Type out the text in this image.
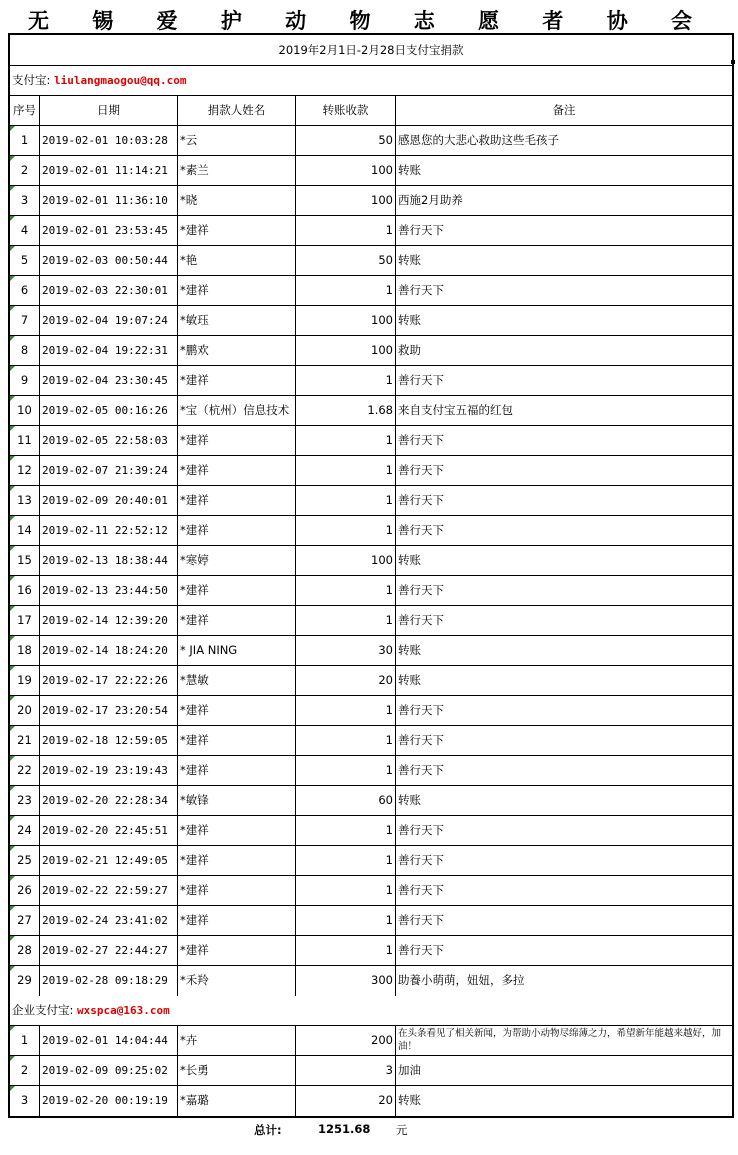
无 锡 爱 护 动 物 志 愿 者 协 会
2019年2月1日-2月28日支付宝捐款
支付宝: liulangmaogou@qq.com
序号	日期	捐款人姓名	转账收款	备注
1	2019-02-01 10:03:28	*云	50 感恩您的大悲心救助这些毛孩子
2	2019-02-01 11:14:21	*素兰	100 转账
3	2019-02-01 11:36:10	*晓	100 西施2月助养
4	2019-02-01 23:53:45	*建祥	1 善行天下
5	2019-02-03 00:50:44	*艳	50 转账
6	2019-02-03 22:30:01	*建祥	1 善行天下
7	2019-02-04 19:07:24	*敏珏	100 转账
8	2019-02-04 19:22:31	*鹏欢	100 救助
9	2019-02-04 23:30:45	*建祥	1 善行天下
10 2019-02-05 00:16:26	*宝（杭州）信息技术	1.68 来自支付宝五福的红包
11 2019-02-05 22:58:03	*建祥	1 善行天下
12 2019-02-07 21:39:24	*建祥	1 善行天下
13 2019-02-09 20:40:01	*建祥	1 善行天下
14 2019-02-11 22:52:12	*建祥	1 善行天下
15 2019-02-13 18:38:44	*寒婷	100 转账
16 2019-02-13 23:44:50	*建祥	1 善行天下
17 2019-02-14 12:39:20	*建祥	1 善行天下
18 2019-02-14 18:24:20	* JIA NING	30 转账
19 2019-02-17 22:22:26	*慧敏	20 转账
20 2019-02-17 23:20:54	*建祥	1 善行天下
21 2019-02-18 12:59:05	*建祥	1 善行天下
22 2019-02-19 23:19:43	*建祥	1 善行天下
23 2019-02-20 22:28:34	*敏锋	60 转账
24 2019-02-20 22:45:51	*建祥	1 善行天下
25 2019-02-21 12:49:05	*建祥	1 善行天下
26 2019-02-22 22:59:27	*建祥	1 善行天下
27 2019-02-24 23:41:02	*建祥	1 善行天下
28 2019-02-27 22:44:27	*建祥	1 善行天下
29 2019-02-28 09:18:29	*禾羚	300 助養小萌萌，妞妞，多拉
企业支付宝: wxspca@163.com
1	2019-02-01 14:04:44	*卉	200 在头条看见了相关新闻，为帮助小动物尽绵薄之力，希望新年能越来越好，加油！
2	2019-02-09 09:25:02	*长勇	3 加油
3	2019-02-20 00:19:19	*嘉璐	20 转账
总计:	1251.68 元
